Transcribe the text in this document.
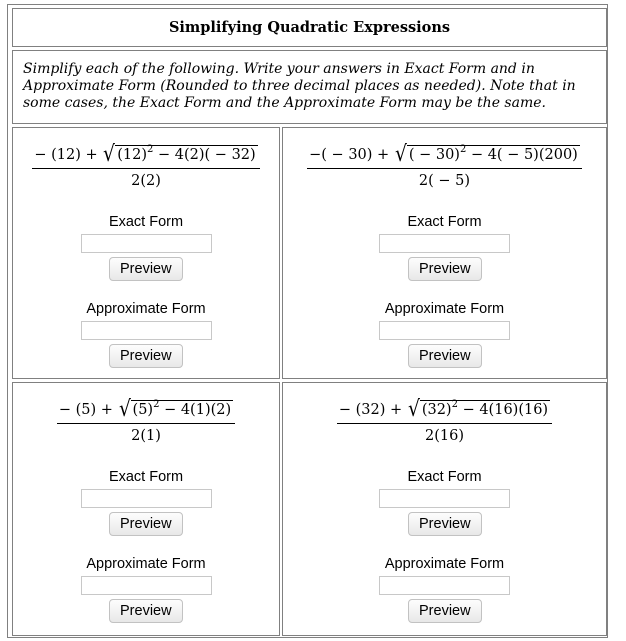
Simplifying Quadratic Expressions
Simplify each of the following. Write your answers in Exact Form and in Approximate Form (Rounded to three decimal places as needed). Note that in some cases, the Exact Form and the Approximate Form may be the same.
$\frac{- (12) + √ (12)^2 - 4(2)( - 32)}{2(2)}$
Exact Form
Preview
Approximate Form
Preview
$\frac{-( - 30) + √ ( - 30)^2 - 4( - 5)(200)}{2( - 5)}$
Exact Form
Preview
Approximate Form
Preview
$\frac{- (5) + √ (5)^2 - 4(1)(2)}{2(1)}$
Exact Form
Preview
Approximate Form
Preview
$\frac{- (32) + √ (32)^2 - 4(16)(16)}{2(16)}$
Exact Form
Preview
Approximate Form
Preview
